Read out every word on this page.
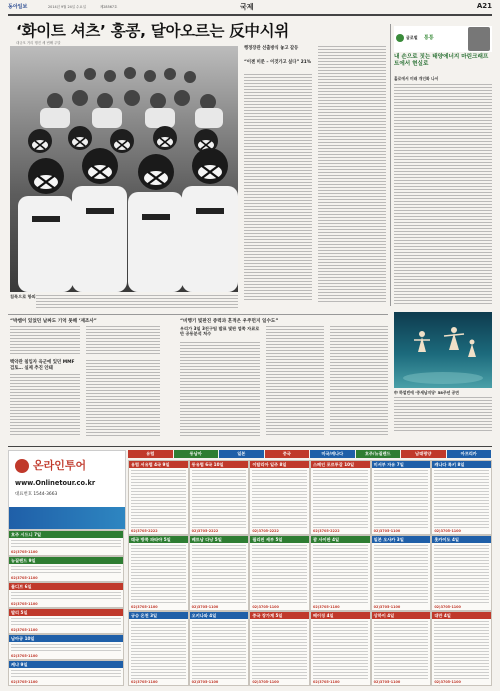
동아일보	2014년 9월 24일 수요일	제28567호	국제	A21
‘화이트 셔츠’ 홍콩, 달아오르는 反中시위
대규모 거리 행진 세 번째 주말
침묵으로 항의
행정장관 선출방식 놓고 갈등
“이젠 미룬 – 이것가고 싶다” 21%
글로벌 통통
내 손으로 짓는 태양에너지 마린크래프트에서 현실로
홀로에서 미래 개인화 나서
“박쌤이 있었던 날짜도 기억 못해 ‘재조사”
백악관 침입자 육군에 있던 MMF 검토… 실제 추진 안돼
“비행기 빛판진 증력과 흔적은 우주먼지 일수도”
우리가 3일 3진구팀 발표 빛판 업쭉 자료로만 공동분석 처수
中 하얼빈에 ‘중세남지당’ 58주년 공연
온라인투어
www.Onlinetour.co.kr
대표번호 1544-3663
유럽	동남아	일본	중국	미국/캐나다	호주/뉴질랜드	남태평양	아프리카
유럽 서유럽 4국 9일
02)3705-2222
동유럽 6국 10일
02)3705-2222
이탈리아 일주 8일
02)3705-2222
스페인 포르투갈 10일
02)3705-2222
미서부 자유 7일
02)3705-1100
캐나다 록키 8일
02)3705-1100
태국 방콕 파타야 5일
02)3705-1100
베트남 다낭 5일
02)3705-1100
필리핀 세부 5일
02)3705-1100
괌 사이판 4일
02)3705-1100
일본 오사카 3일
02)3705-1100
홋카이도 4일
02)3705-1100
규슈 온천 3일
02)3705-1100
오키나와 4일
02)3705-1100
중국 장가계 5일
02)3705-1100
베이징 4일
02)3705-1100
상하이 4일
02)3705-1100
대만 4일
02)3705-1100
호주 시드니 7일
02)3705-1100
뉴질랜드 9일
02)3705-1100
몰디브 6일
02)3705-1100
발리 5일
02)3705-1100
남아공 10일
02)3705-1100
케냐 9일
02)3705-1100
